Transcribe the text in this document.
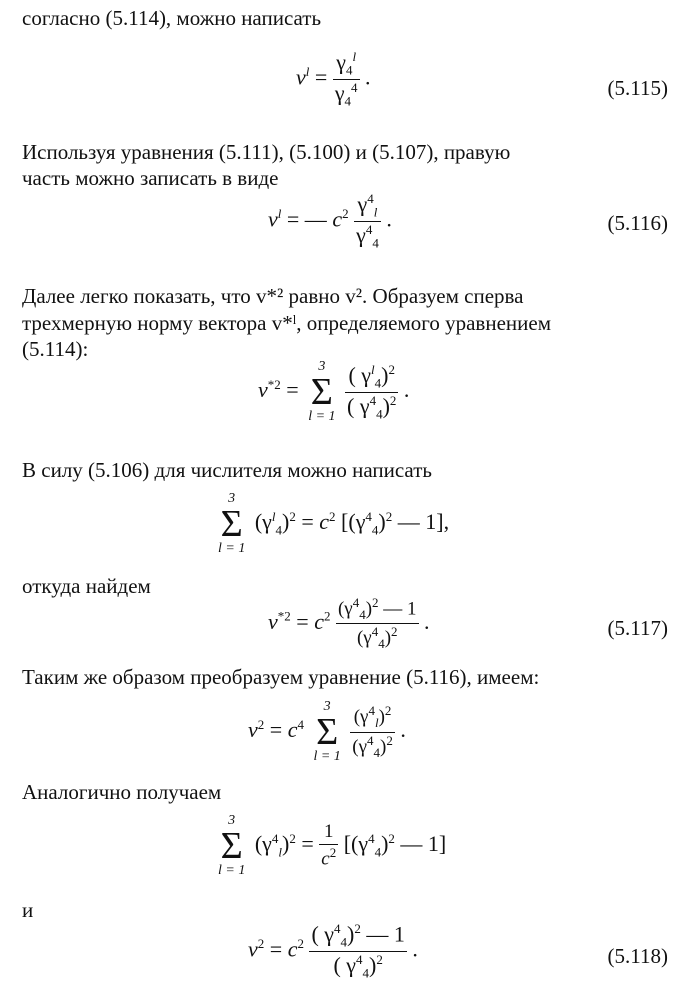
согласно (5.114), можно написать
$v^l = \frac{\gamma_4^l}{\gamma_4^4}$ .	(5.115)
Используя уравнения (5.111), (5.100) и (5.107), правую
часть можно записать в виде
$v^l$ = — $c^2 \frac{\gamma^4_l}{\gamma^4_4}$ .	(5.116)
Далее легко показать, что v*² равно v². Образуем сперва
трехмерную норму вектора v*ˡ, определяемого уравнением
(5.114):
$v^{*2}$ =
3
Σ
l = 1
$\frac{( \gamma^l_4)^2}{( \gamma^4_4)^2}$ .
В силу (5.106) для числителя можно написать
3
Σ
l = 1
$(\gamma^l_4)^2 = c^2$ [$(\gamma^4_4)^2$ — 1],
откуда найдем
$v^{*2} = c^2 \frac{(\gamma^4_4)^2 — 1}{(\gamma^4_4)^2}$ .	(5.117)
Таким же образом преобразуем уравнение (5.116), имеем:
$v^2 = c^4$
3
Σ
l = 1
$\frac{(\gamma^4_l)^2}{(\gamma^4_4)^2}$ .
Аналогично получаем
3
Σ
l = 1
$(\gamma^4_l)^2 = \frac{1}{c^2} [(\gamma^4_4)^2$ — 1]
и
$v^2 = c^2 \frac{( \gamma^4_4)^2 — 1}{( \gamma^4_4)^2}$ .	(5.118)
